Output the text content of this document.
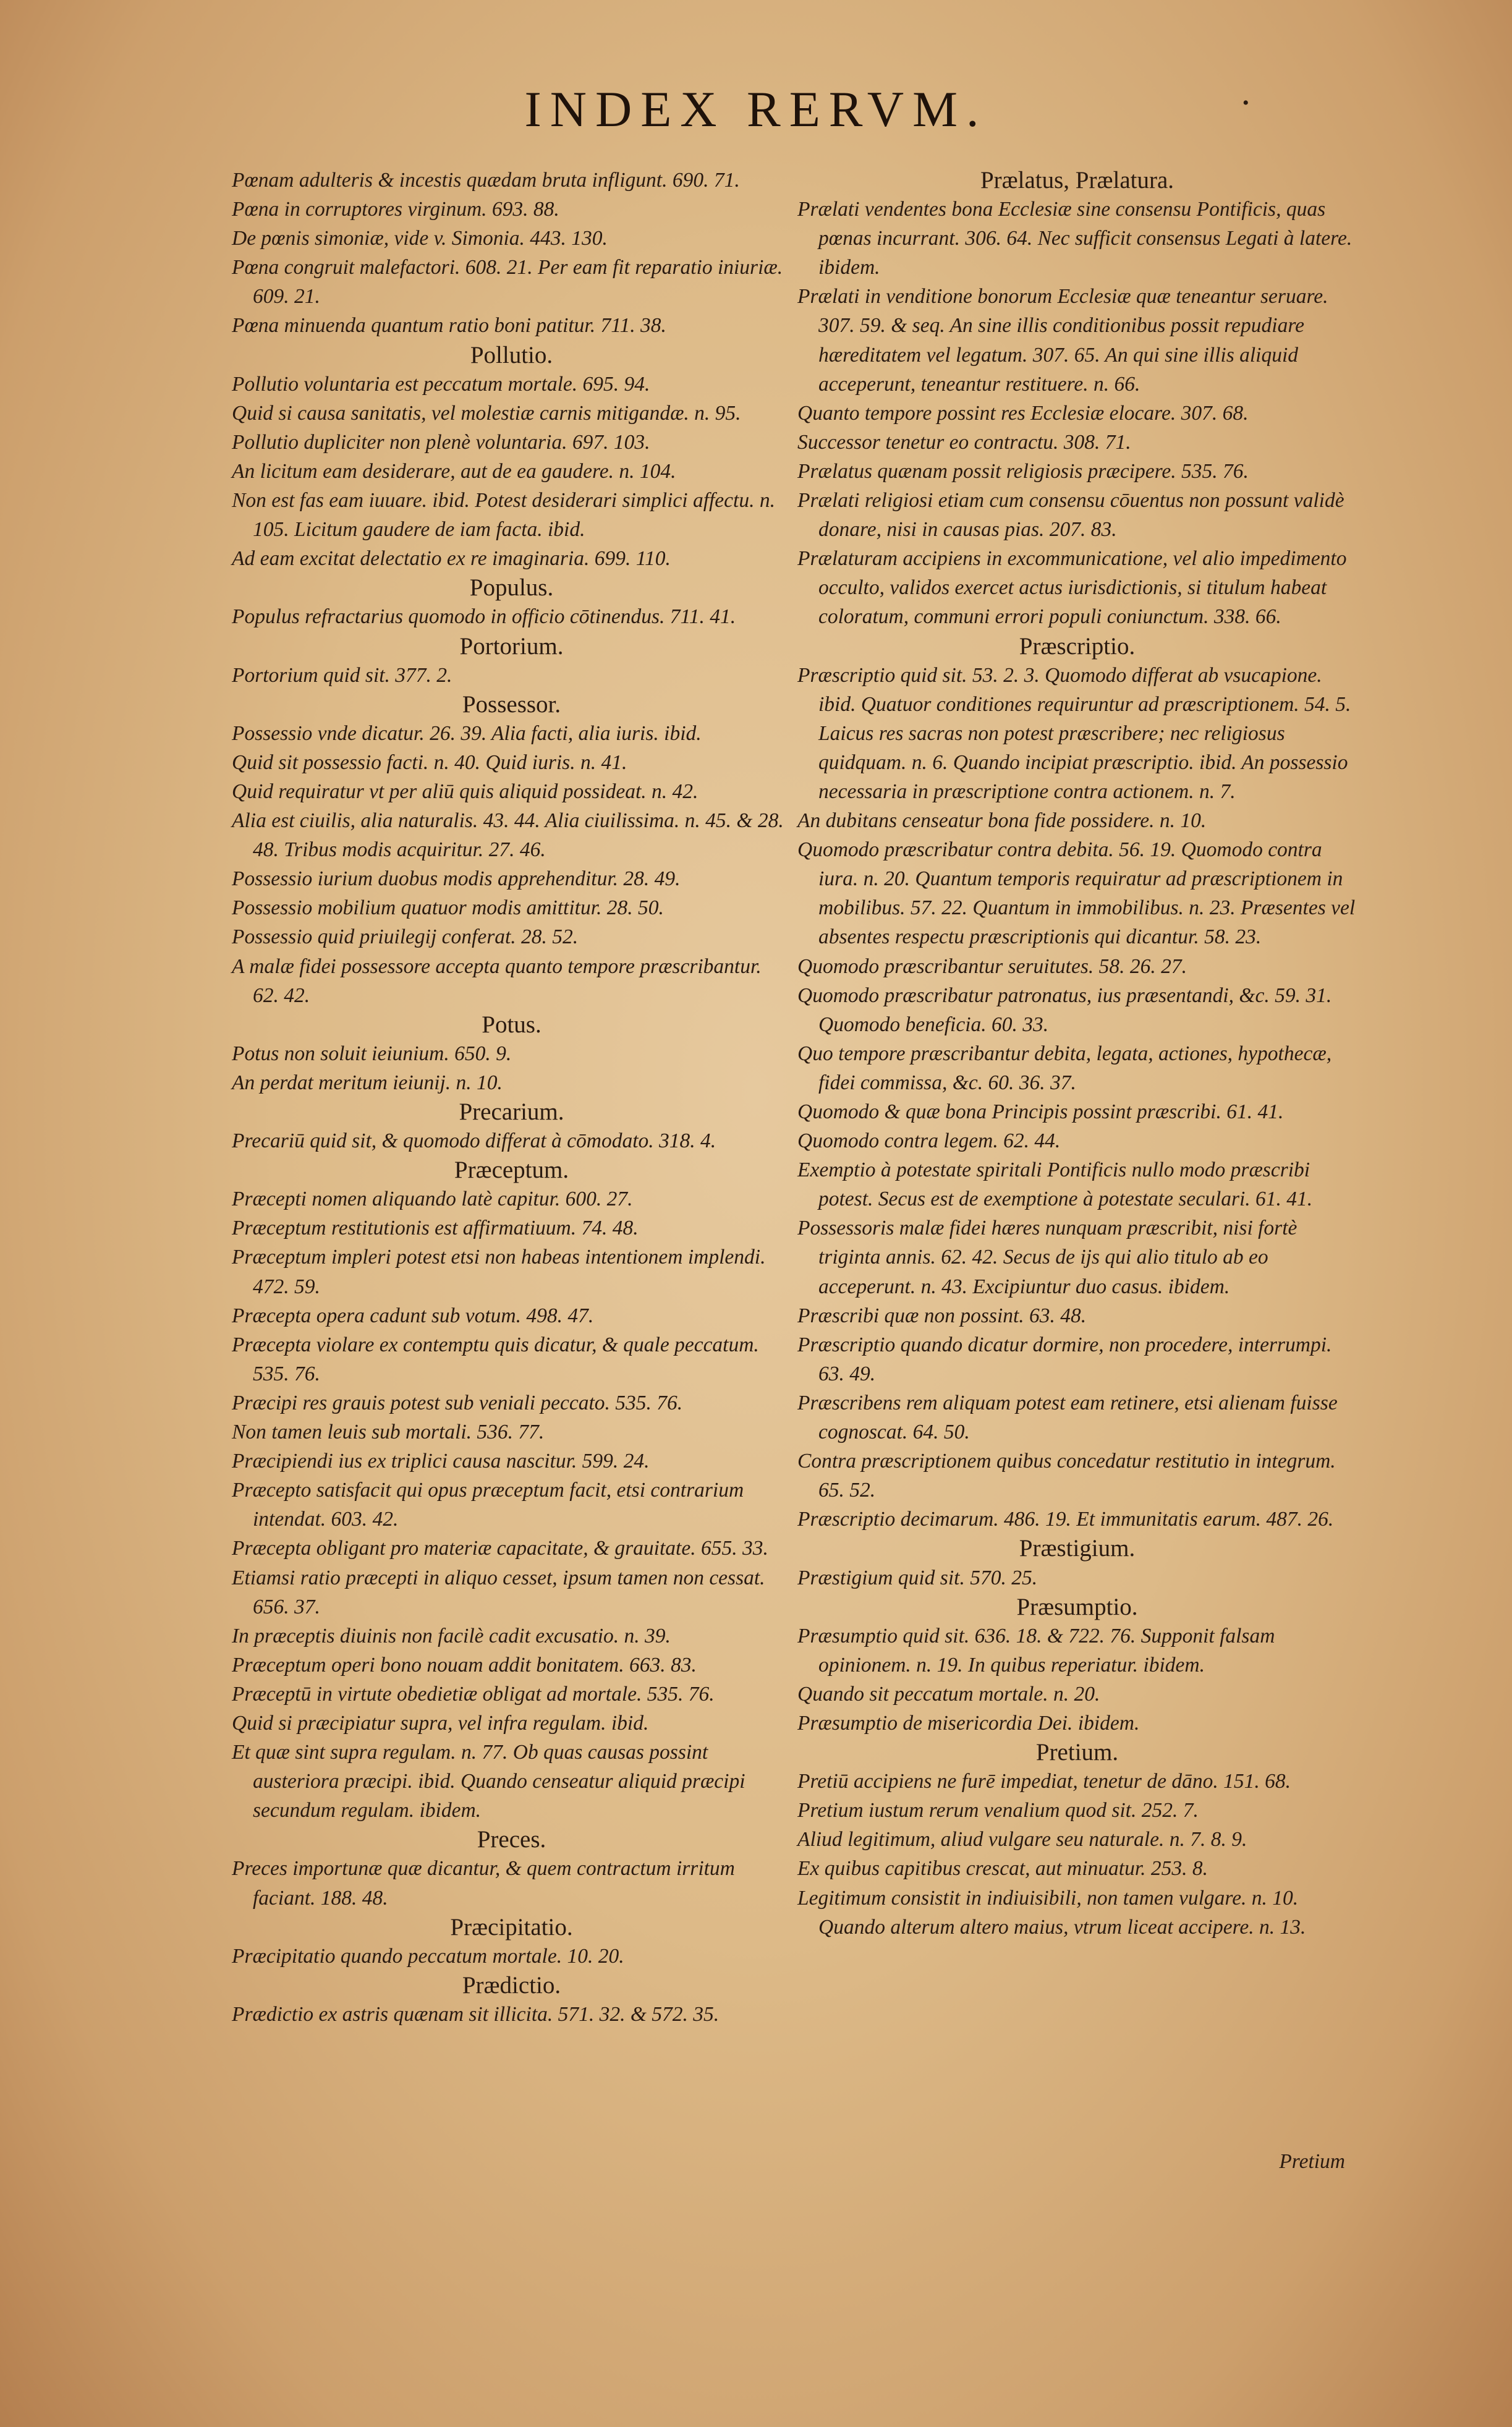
INDEX RERVM.	•
Pœnam adulteris & incestis quædam bruta infligunt. 690. 71.
Pœna in corruptores virginum. 693. 88.
De pœnis simoniæ, vide v. Simonia. 443. 130.
Pœna congruit malefactori. 608. 21. Per eam fit reparatio iniuriæ. 609. 21.
Pœna minuenda quantum ratio boni patitur. 711. 38.
Pollutio.
Pollutio voluntaria est peccatum mortale. 695. 94.
Quid si causa sanitatis, vel molestiæ carnis mitigandæ. n. 95.
Pollutio dupliciter non plenè voluntaria. 697. 103.
An licitum eam desiderare, aut de ea gaudere. n. 104.
Non est fas eam iuuare. ibid. Potest desiderari simplici affectu. n. 105. Licitum gaudere de iam facta. ibid.
Ad eam excitat delectatio ex re imaginaria. 699. 110.
Populus.
Populus refractarius quomodo in officio cōtinendus. 711. 41.
Portorium.
Portorium quid sit. 377. 2.
Possessor.
Possessio vnde dicatur. 26. 39. Alia facti, alia iuris. ibid.
Quid sit possessio facti. n. 40. Quid iuris. n. 41.
Quid requiratur vt per aliū quis aliquid possideat. n. 42.
Alia est ciuilis, alia naturalis. 43. 44. Alia ciuilissima. n. 45. & 28. 48. Tribus modis acquiritur. 27. 46.
Possessio iurium duobus modis apprehenditur. 28. 49.
Possessio mobilium quatuor modis amittitur. 28. 50.
Possessio quid priuilegij conferat. 28. 52.
A malæ fidei possessore accepta quanto tempore præscribantur. 62. 42.
Potus.
Potus non soluit ieiunium. 650. 9.
An perdat meritum ieiunij. n. 10.
Precarium.
Precariū quid sit, & quomodo differat à cōmodato. 318. 4.
Præceptum.
Præcepti nomen aliquando latè capitur. 600. 27.
Præceptum restitutionis est affirmatiuum. 74. 48.
Præceptum impleri potest etsi non habeas intentionem implendi. 472. 59.
Præcepta opera cadunt sub votum. 498. 47.
Præcepta violare ex contemptu quis dicatur, & quale peccatum. 535. 76.
Præcipi res grauis potest sub veniali peccato. 535. 76.
Non tamen leuis sub mortali. 536. 77.
Præcipiendi ius ex triplici causa nascitur. 599. 24.
Præcepto satisfacit qui opus præceptum facit, etsi contrarium intendat. 603. 42.
Præcepta obligant pro materiæ capacitate, & grauitate. 655. 33.
Etiamsi ratio præcepti in aliquo cesset, ipsum tamen non cessat. 656. 37.
In præceptis diuinis non facilè cadit excusatio. n. 39.
Præceptum operi bono nouam addit bonitatem. 663. 83.
Præceptū in virtute obedietiæ obligat ad mortale. 535. 76.
Quid si præcipiatur supra, vel infra regulam. ibid.
Et quæ sint supra regulam. n. 77. Ob quas causas possint austeriora præcipi. ibid. Quando censeatur aliquid præcipi secundum regulam. ibidem.
Preces.
Preces importunæ quæ dicantur, & quem contractum irritum faciant. 188. 48.
Præcipitatio.
Præcipitatio quando peccatum mortale. 10. 20.
Prædictio.
Prædictio ex astris quænam sit illicita. 571. 32. & 572. 35.
Prælatus, Prælatura.
Prælati vendentes bona Ecclesiæ sine consensu Pontificis, quas pœnas incurrant. 306. 64. Nec sufficit consensus Legati à latere. ibidem.
Prælati in venditione bonorum Ecclesiæ quæ teneantur seruare. 307. 59. & seq. An sine illis conditionibus possit repudiare hæreditatem vel legatum. 307. 65. An qui sine illis aliquid acceperunt, teneantur restituere. n. 66.
Quanto tempore possint res Ecclesiæ elocare. 307. 68.
Successor tenetur eo contractu. 308. 71.
Prælatus quænam possit religiosis præcipere. 535. 76.
Prælati religiosi etiam cum consensu cōuentus non possunt validè donare, nisi in causas pias. 207. 83.
Prælaturam accipiens in excommunicatione, vel alio impedimento occulto, validos exercet actus iurisdictionis, si titulum habeat coloratum, communi errori populi coniunctum. 338. 66.
Præscriptio.
Præscriptio quid sit. 53. 2. 3. Quomodo differat ab vsucapione. ibid. Quatuor conditiones requiruntur ad præscriptionem. 54. 5. Laicus res sacras non potest præscribere; nec religiosus quidquam. n. 6. Quando incipiat præscriptio. ibid. An possessio necessaria in præscriptione contra actionem. n. 7.
An dubitans censeatur bona fide possidere. n. 10.
Quomodo præscribatur contra debita. 56. 19. Quomodo contra iura. n. 20. Quantum temporis requiratur ad præscriptionem in mobilibus. 57. 22. Quantum in immobilibus. n. 23. Præsentes vel absentes respectu præscriptionis qui dicantur. 58. 23.
Quomodo præscribantur seruitutes. 58. 26. 27.
Quomodo præscribatur patronatus, ius præsentandi, &c. 59. 31. Quomodo beneficia. 60. 33.
Quo tempore præscribantur debita, legata, actiones, hypothecæ, fidei commissa, &c. 60. 36. 37.
Quomodo & quæ bona Principis possint præscribi. 61. 41.
Quomodo contra legem. 62. 44.
Exemptio à potestate spiritali Pontificis nullo modo præscribi potest. Secus est de exemptione à potestate seculari. 61. 41.
Possessoris malæ fidei hæres nunquam præscribit, nisi fortè triginta annis. 62. 42. Secus de ijs qui alio titulo ab eo acceperunt. n. 43. Excipiuntur duo casus. ibidem.
Præscribi quæ non possint. 63. 48.
Præscriptio quando dicatur dormire, non procedere, interrumpi. 63. 49.
Præscribens rem aliquam potest eam retinere, etsi alienam fuisse cognoscat. 64. 50.
Contra præscriptionem quibus concedatur restitutio in integrum. 65. 52.
Præscriptio decimarum. 486. 19. Et immunitatis earum. 487. 26.
Præstigium.
Præstigium quid sit. 570. 25.
Præsumptio.
Præsumptio quid sit. 636. 18. & 722. 76. Supponit falsam opinionem. n. 19. In quibus reperiatur. ibidem.
Quando sit peccatum mortale. n. 20.
Præsumptio de misericordia Dei. ibidem.
Pretium.
Pretiū accipiens ne furē impediat, tenetur de dāno. 151. 68.
Pretium iustum rerum venalium quod sit. 252. 7.
Aliud legitimum, aliud vulgare seu naturale. n. 7. 8. 9.
Ex quibus capitibus crescat, aut minuatur. 253. 8.
Legitimum consistit in indiuisibili, non tamen vulgare. n. 10. Quando alterum altero maius, vtrum liceat accipere. n. 13.
Pretium
